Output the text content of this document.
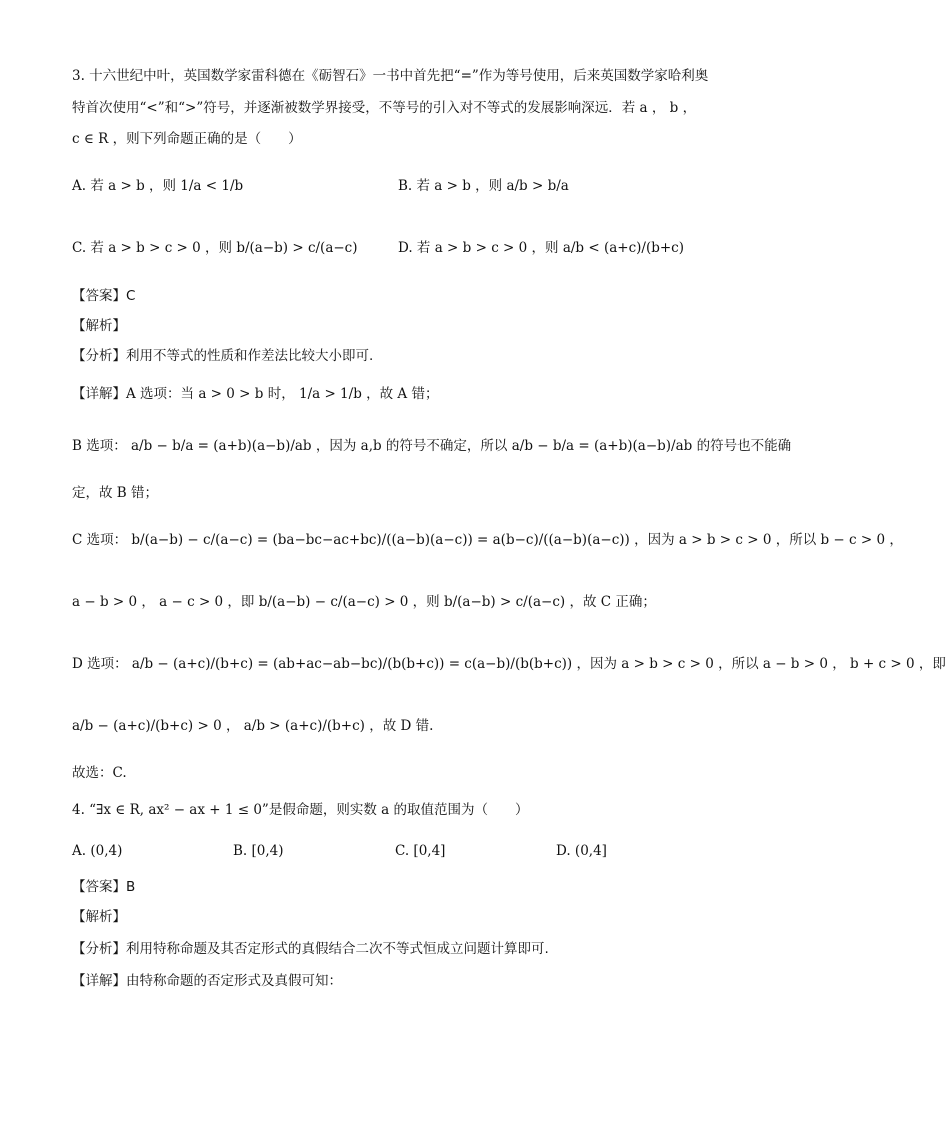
3. 十六世纪中叶，英国数学家雷科德在《砺智石》一书中首先把“=”作为等号使用，后来英国数学家哈利奥
特首次使用“<”和“>”符号，并逐渐被数学界接受，不等号的引入对不等式的发展影响深远．若 a ， b ，
c ∈ R ，则下列命题正确的是（　　）
A. 若 a > b ，则 1/a < 1/b	B. 若 a > b ，则 a/b > b/a
C. 若 a > b > c > 0 ，则 b/(a−b) > c/(a−c)	D. 若 a > b > c > 0 ，则 a/b < (a+c)/(b+c)
【答案】C
【解析】
【分析】利用不等式的性质和作差法比较大小即可.
【详解】A 选项：当 a > 0 > b 时， 1/a > 1/b ，故 A 错；
B 选项： a/b − b/a = (a+b)(a−b)/ab ，因为 a,b 的符号不确定，所以 a/b − b/a = (a+b)(a−b)/ab 的符号也不能确
定，故 B 错；
C 选项： b/(a−b) − c/(a−c) = (ba−bc−ac+bc)/((a−b)(a−c)) = a(b−c)/((a−b)(a−c)) ，因为 a > b > c > 0 ，所以 b − c > 0 ，
a − b > 0 ， a − c > 0 ，即 b/(a−b) − c/(a−c) > 0 ，则 b/(a−b) > c/(a−c) ，故 C 正确；
D 选项： a/b − (a+c)/(b+c) = (ab+ac−ab−bc)/(b(b+c)) = c(a−b)/(b(b+c)) ，因为 a > b > c > 0 ，所以 a − b > 0 ， b + c > 0 ，即
a/b − (a+c)/(b+c) > 0 ， a/b > (a+c)/(b+c) ，故 D 错.
故选：C.
4. “∃x ∈ R, ax² − ax + 1 ≤ 0”是假命题，则实数 a 的取值范围为（　　）
A. (0,4)	B. [0,4)	C. [0,4]	D. (0,4]
【答案】B
【解析】
【分析】利用特称命题及其否定形式的真假结合二次不等式恒成立问题计算即可.
【详解】由特称命题的否定形式及真假可知：
